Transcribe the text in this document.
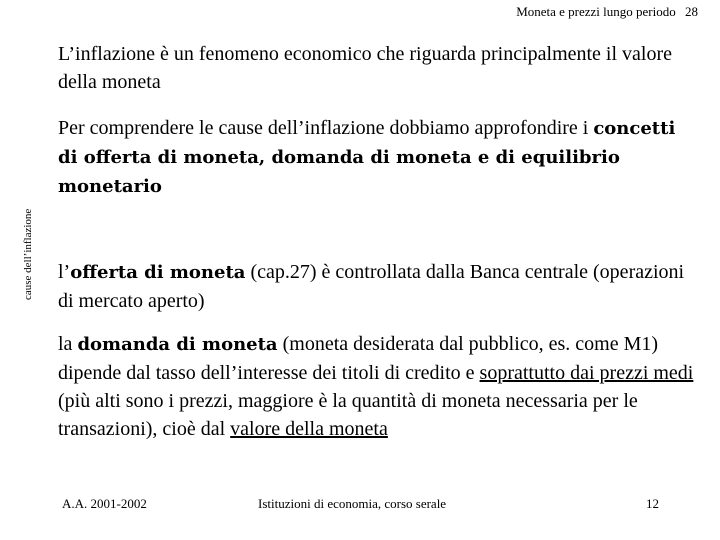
Moneta e prezzi lungo periodo 28
cause dell’inflazione
L’inflazione è un fenomeno economico che riguarda principalmente il valore della moneta
Per comprendere le cause dell’inflazione dobbiamo approfondire i concetti di offerta di moneta, domanda di moneta e di equilibrio monetario
l’offerta di moneta (cap.27) è controllata dalla Banca centrale (operazioni di mercato aperto)
la domanda di moneta (moneta desiderata dal pubblico, es. come M1) dipende dal tasso dell’interesse dei titoli di credito e soprattutto dai prezzi medi (più alti sono i prezzi, maggiore è la quantità di moneta necessaria per le transazioni), cioè dal valore della moneta
A.A. 2001-2002	Istituzioni di economia, corso serale	12
